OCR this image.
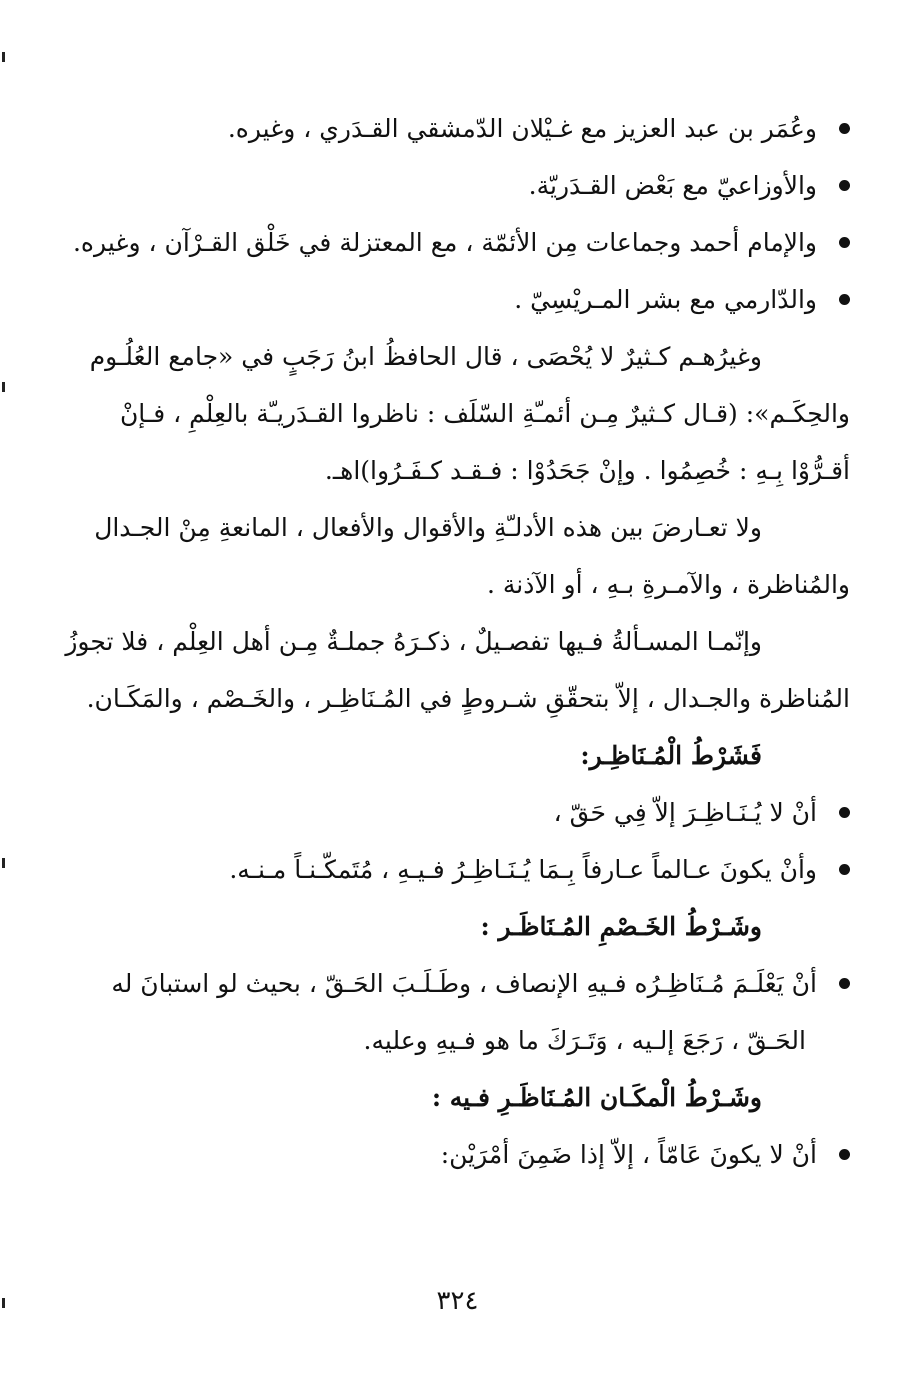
وعُمَر بن عبد العزيز مع غـيْلان الدّمشقي القـدَري ، وغيره.
والأوزاعيّ مع بَعْض القـدَريّة.
والإمام أحمد وجماعات مِن الأئمّة ، مع المعتزلة في خَلْق القـرْآن ، وغيره.
والدّارمي مع بشر المـريْسِيّ .
وغيرُهـم كـثيرٌ لا يُحْصَى ، قال الحافظُ ابنُ رَجَبٍ في «جامع العُلُـوم
والحِكَـم»: (قـال كـثيرٌ مِـن أئمـّةِ السّلَف : ناظروا القـدَريـّة بالعِلْمِ ، فـإنْ
أقـرُّوْا بِـهِ : خُصِمُوا . وإنْ جَحَدُوْا : فـقـد كـفَـرُوا)اهـ.
ولا تعـارضَ بين هذه الأدلـّةِ والأقوال والأفعال ، المانعةِ مِنْ الجـدال
والمُناظرة ، والآمـرةِ بـهِ ، أو الآذنة .
وإنّمـا المسـألةُ فـيها تفصـيلٌ ، ذكـرَهُ جملـةٌ مِـن أهل العِلْم ، فلا تجوزُ
المُناظرة والجـدال ، إلاّ بتحقّقِ شـروطٍ في المُـنَاظِـر ، والخَـصْم ، والمَكَـان.
فَشَرْطُ الْمُـنَاظِـر:
أنْ لا يُـنَـاظِـرَ إلاّ فِي حَقّ ،
وأنْ يكونَ عـالماً عـارفاً بِـمَا يُـنَـاظِـرُ فـيـهِ ، مُتَمكّـنـاً مـنـه.
وشَـرْطُ الخَـصْمِ المُـنَاظَـر :
أنْ يَعْلَـمَ مُـنَاظِـرُه فـيهِ الإنصاف ، وطَـلَـبَ الحَـقّ ، بحيث لو استبانَ له
الحَـقّ ، رَجَعَ إلـيه ، وَتَـرَكَ ما هو فـيهِ وعليه.
وشَـرْطُ الْمكَـان المُـنَاظَـرِ فـيه :
أنْ لا يكونَ عَامّاً ، إلاّ إذا ضَمِنَ أمْرَيْن:
٣٢٤
